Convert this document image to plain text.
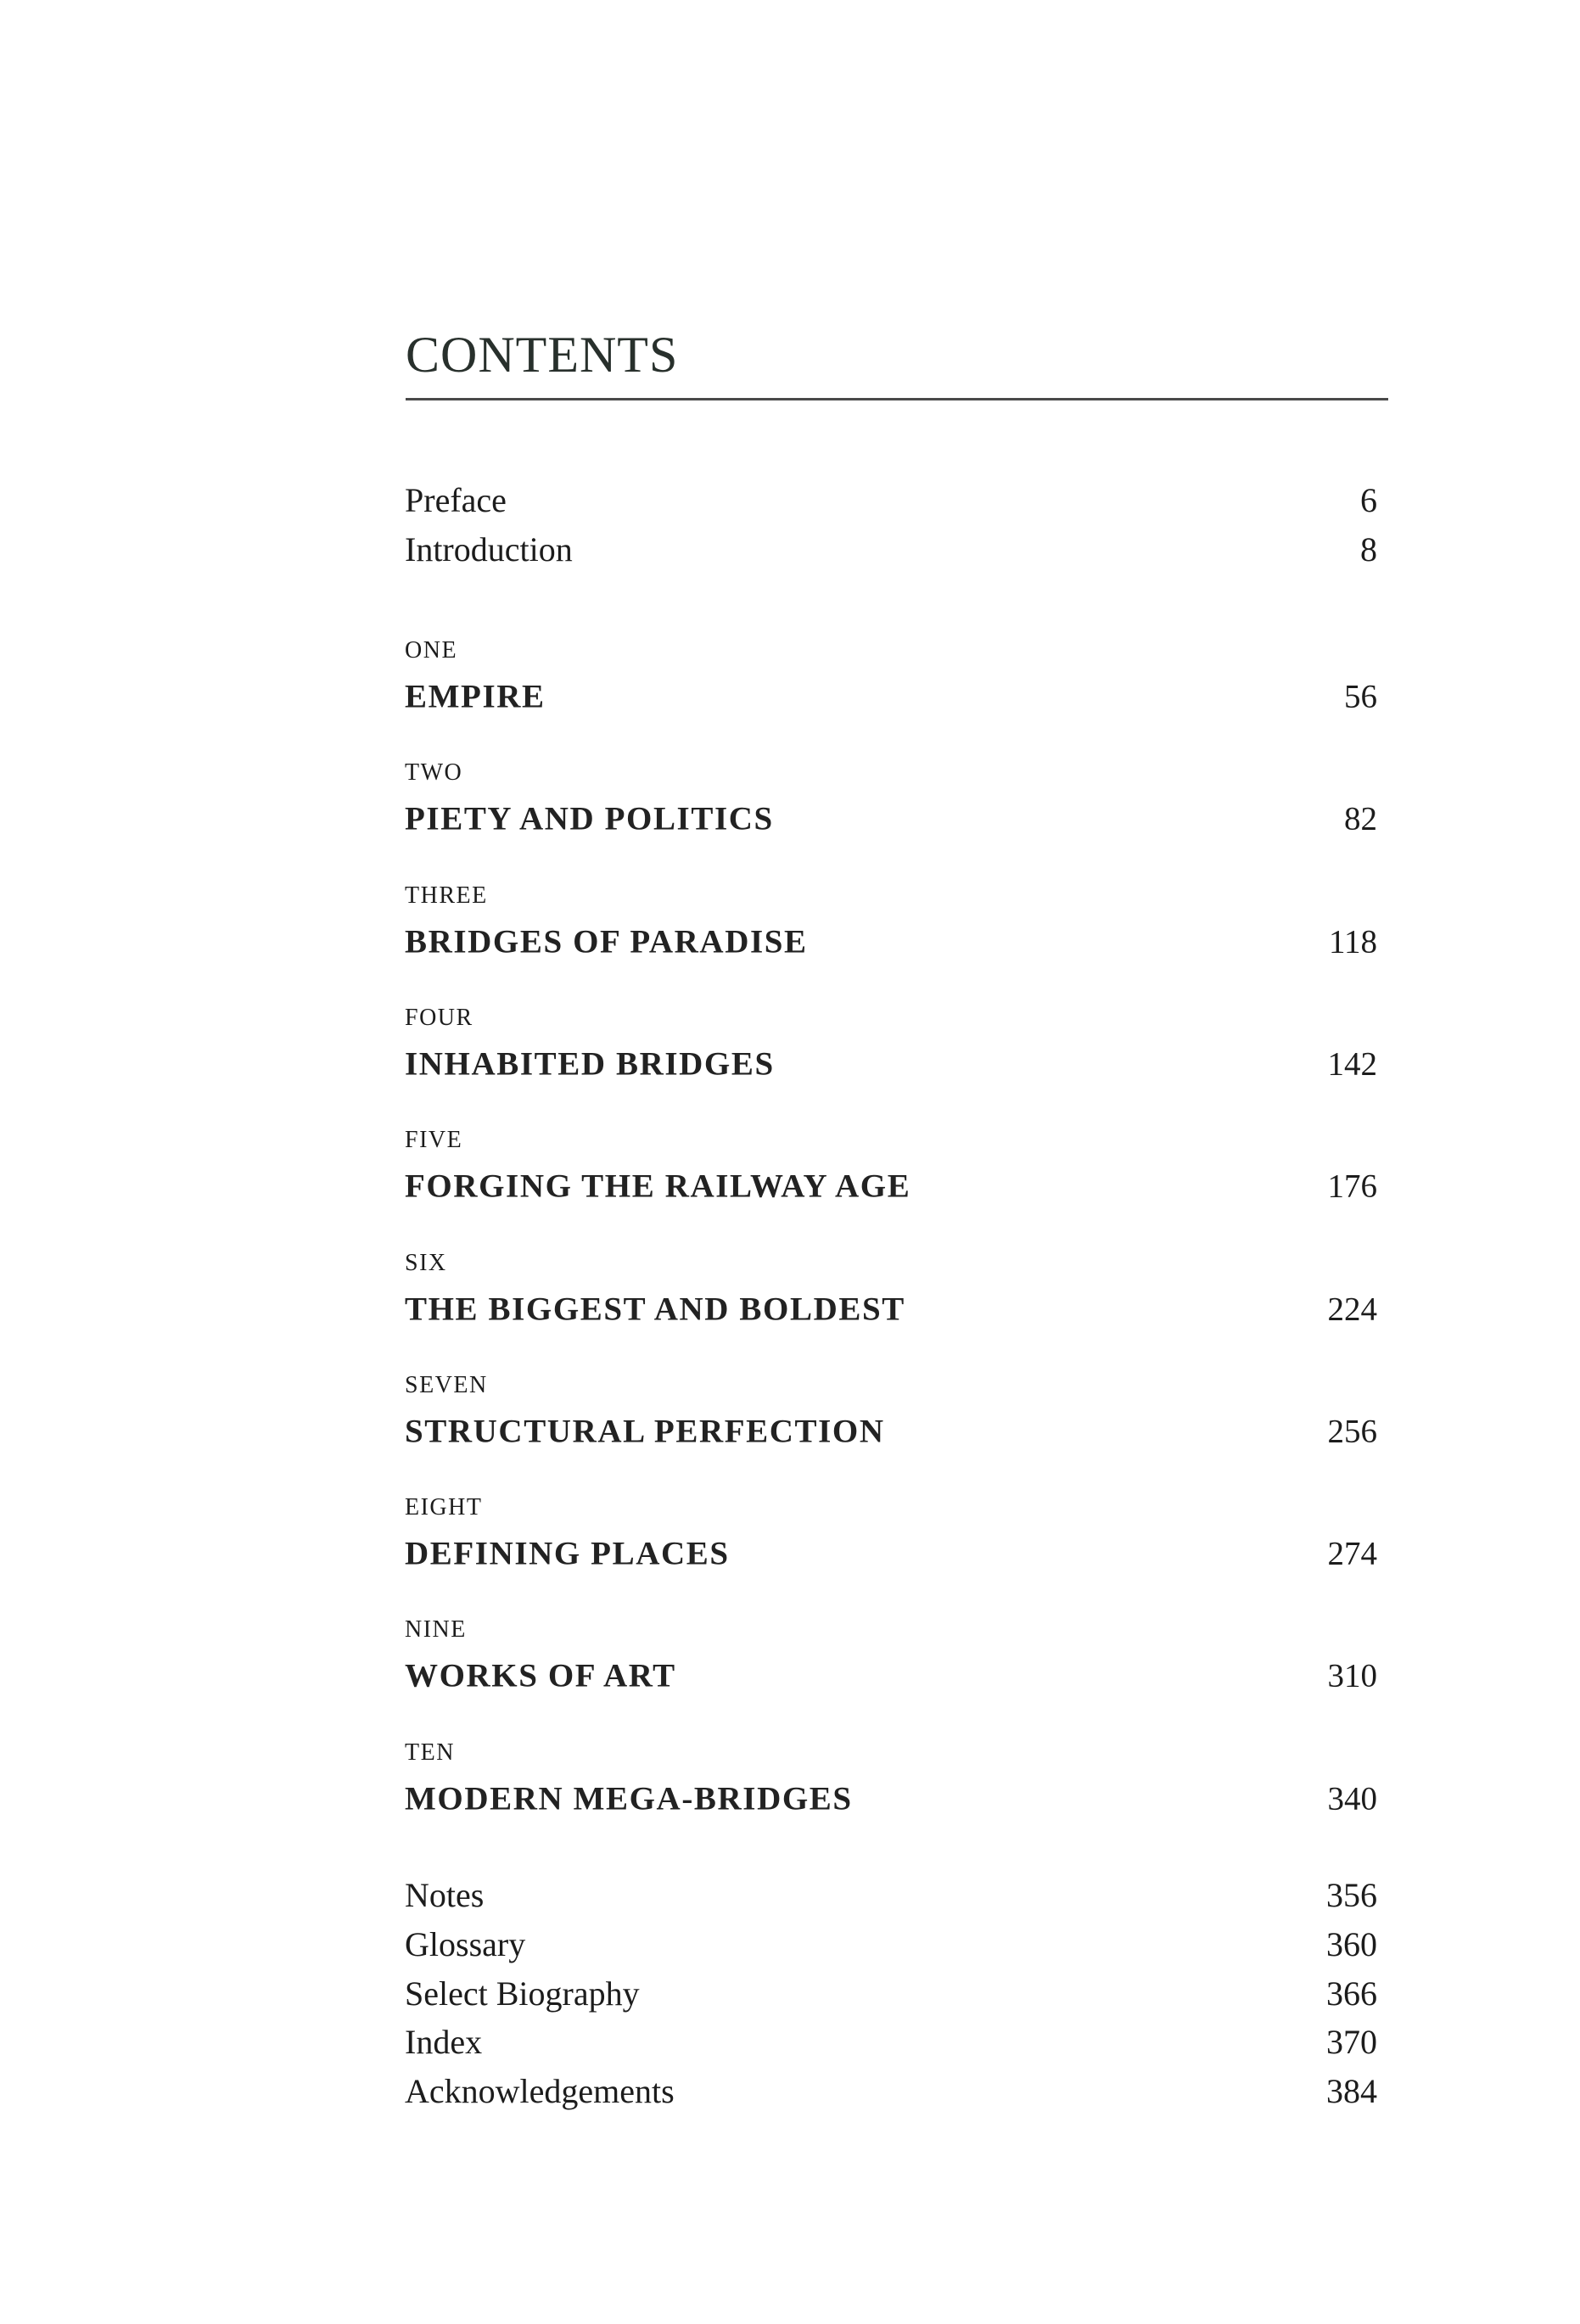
CONTENTS
Preface	6
Introduction	8
ONE
EMPIRE	56
TWO
PIETY AND POLITICS	82
THREE
BRIDGES OF PARADISE	118
FOUR
INHABITED BRIDGES	142
FIVE
FORGING THE RAILWAY AGE	176
SIX
THE BIGGEST AND BOLDEST	224
SEVEN
STRUCTURAL PERFECTION	256
EIGHT
DEFINING PLACES	274
NINE
WORKS OF ART	310
TEN
MODERN MEGA-BRIDGES	340
Notes	356
Glossary	360
Select Biography	366
Index	370
Acknowledgements	384
